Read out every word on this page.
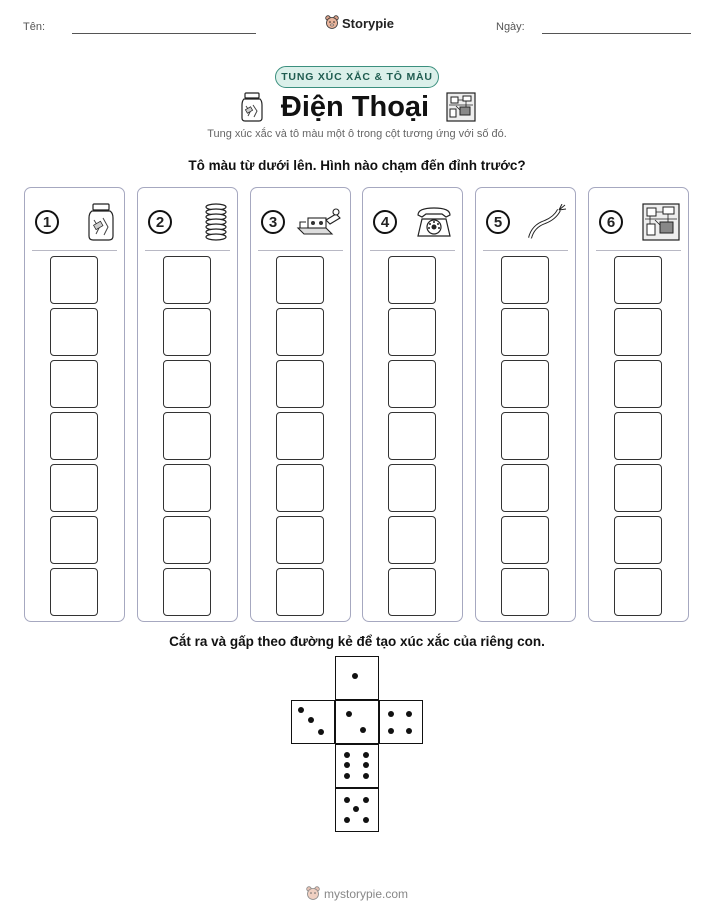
Tên:	Storypie	Ngày:
TUNG XÚC XẮC & TÔ MÀU
Điện Thoại
Tung xúc xắc và tô màu một ô trong cột tương ứng với số đó.
Tô màu từ dưới lên. Hình nào chạm đến đỉnh trước?
1	2	3	4	5	6
Cắt ra và gấp theo đường kẻ để tạo xúc xắc của riêng con.
mystorypie.com
